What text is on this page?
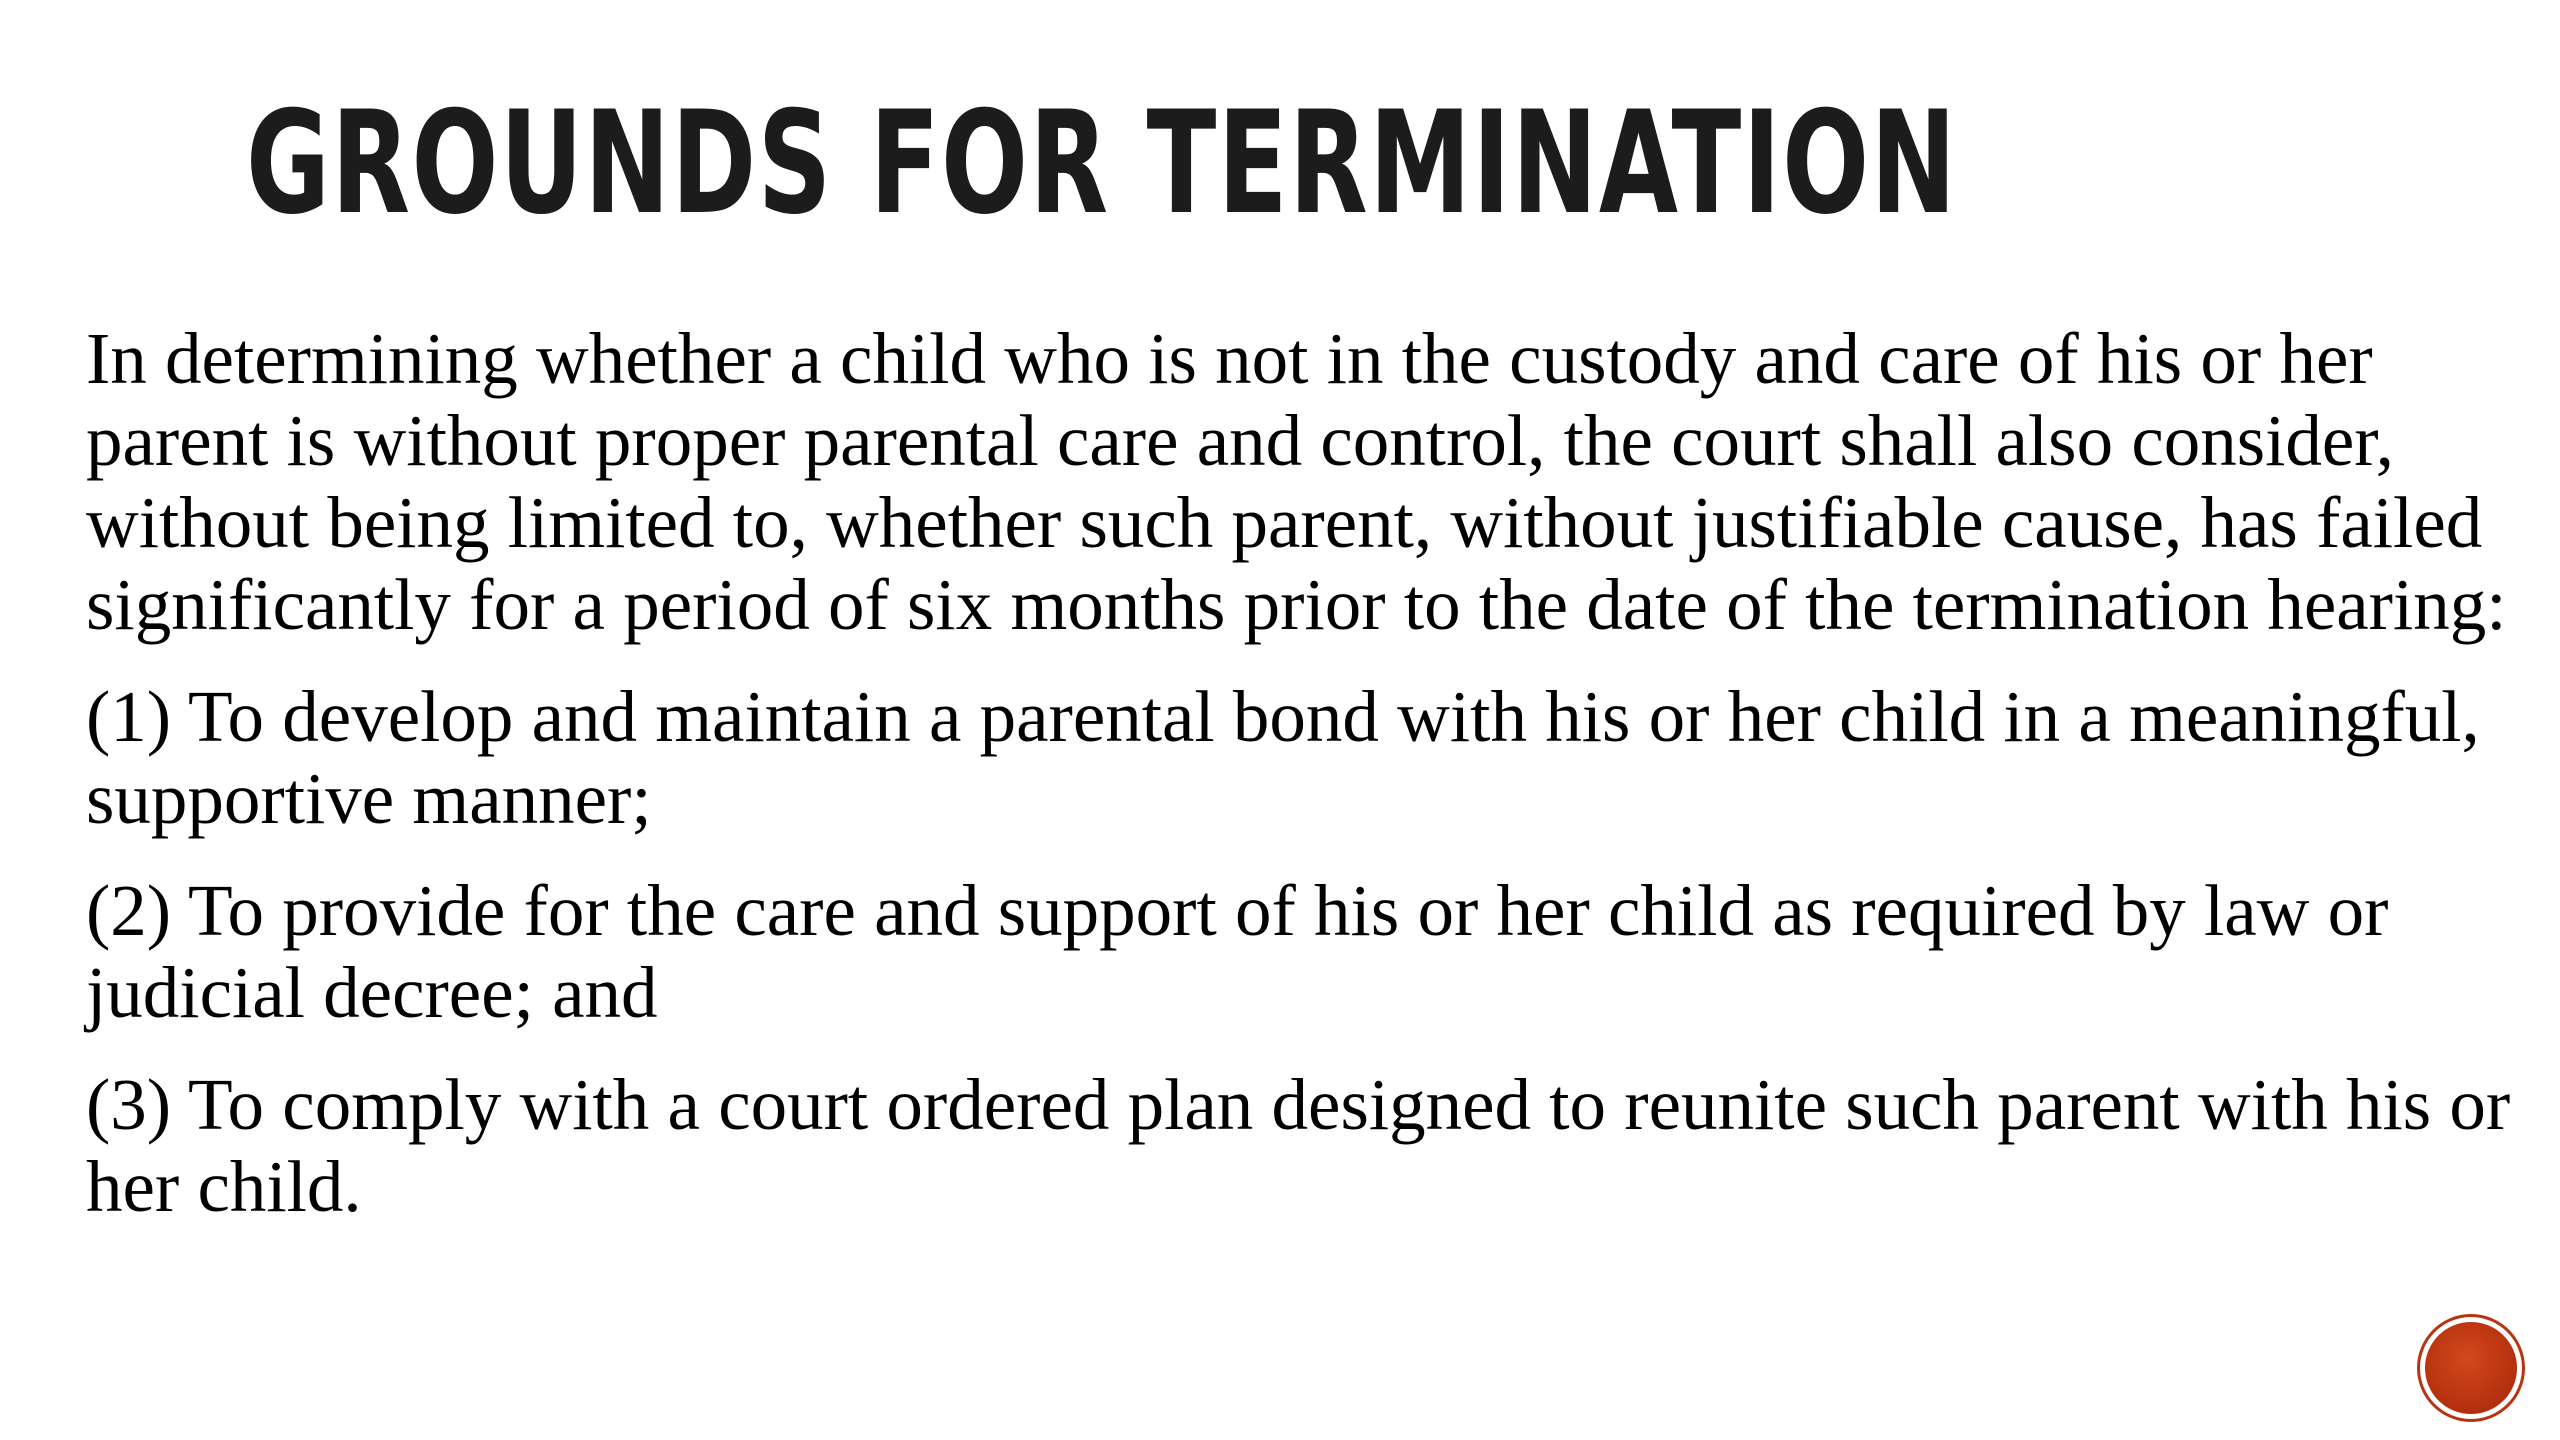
GROUNDS FOR TERMINATION

In determining whether a child who is not in the custody and care of his or her parent is without proper parental care and control, the court shall also consider, without being limited to, whether such parent, without justifiable cause, has failed significantly for a period of six months prior to the date of the termination hearing:

(1) To develop and maintain a parental bond with his or her child in a meaningful, supportive manner;

(2) To provide for the care and support of his or her child as required by law or judicial decree; and

(3) To comply with a court ordered plan designed to reunite such parent with his or her child.
